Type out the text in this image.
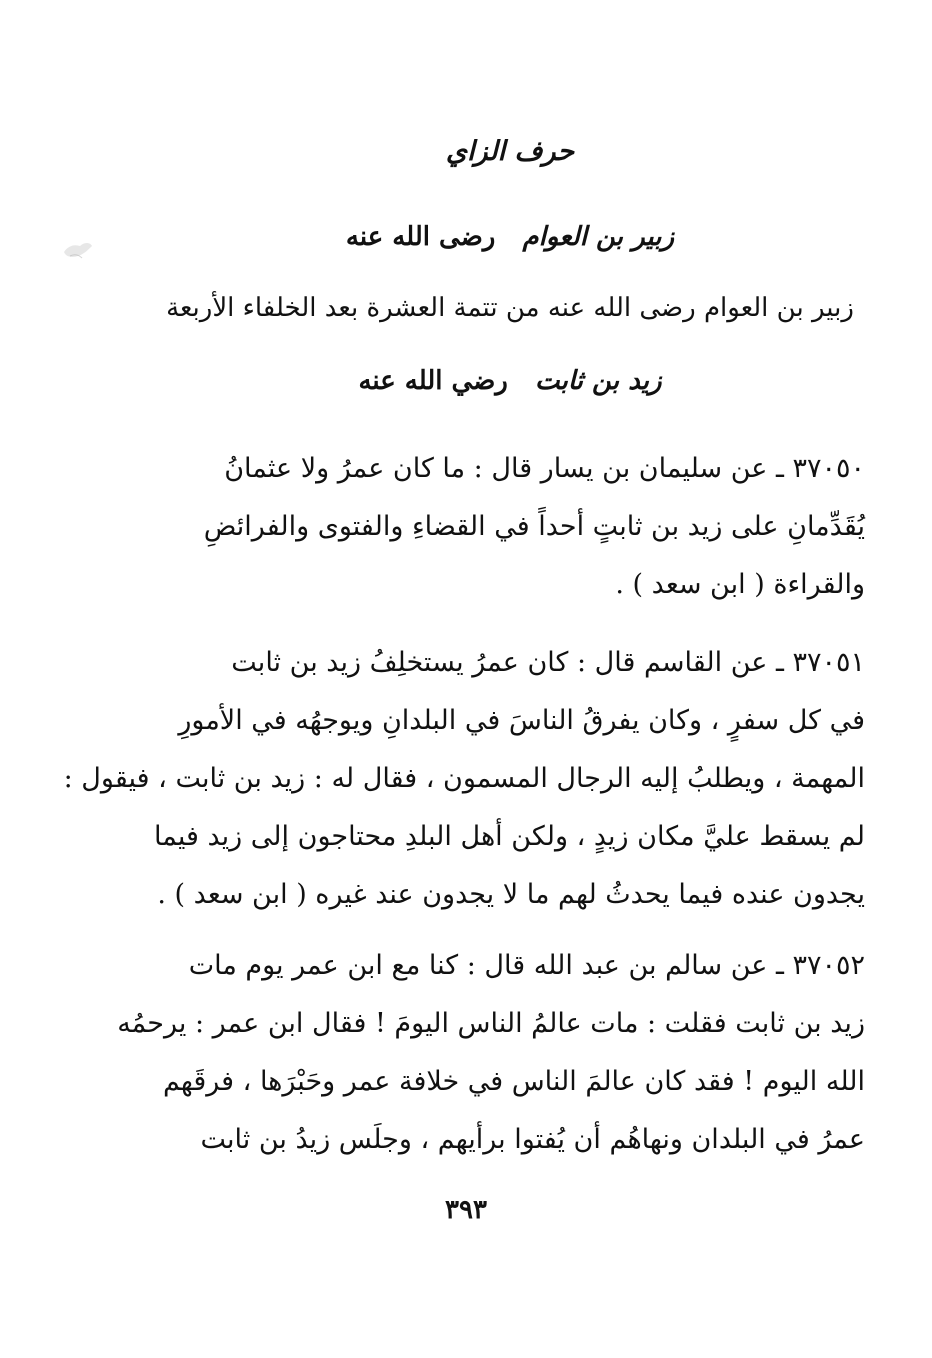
حرف الزاي
زبير بن العوام   رضى الله عنه
زبير بن العوام رضى الله عنه من تتمة العشرة بعد الخلفاء الأربعة
زيد بن ثابت   رضي الله عنه
٣٧٠٥٠ ـ عن سليمان بن يسار قال : ما كان عمرُ ولا عثمانُ
يُقَدِّمانِ على زيد بن ثابتٍ أحداً في القضاءِ والفتوى والفرائضِ
والقراءة ( ابن سعد ) .
٣٧٠٥١ ـ عن القاسم قال : كان عمرُ يستخلِفُ زيد بن ثابت
في كل سفرٍ ، وكان يفرقُ الناسَ في البلدانِ ويوجهُه في الأمورِ
المهمة ، ويطلبُ إليه الرجال المسمون ، فقال له : زيد بن ثابت ، فيقول :
لم يسقط عليَّ مكان زيدٍ ، ولكن أهل البلدِ محتاجون إلى زيد فيما
يجدون عنده فيما يحدثُ لهم ما لا يجدون عند غيره ( ابن سعد ) .
٣٧٠٥٢ ـ عن سالم بن عبد الله قال : كنا مع ابن عمر يوم مات
زيد بن ثابت فقلت : مات عالمُ الناس اليومَ ! فقال ابن عمر : يرحمُه
الله اليوم ! فقد كان عالمَ الناس في خلافة عمر وحَبْرَها ، فرقَهم
عمرُ في البلدان ونهاهُم أن يُفتوا برأيهم ، وجلَس زيدُ بن ثابت
٣٩٣
